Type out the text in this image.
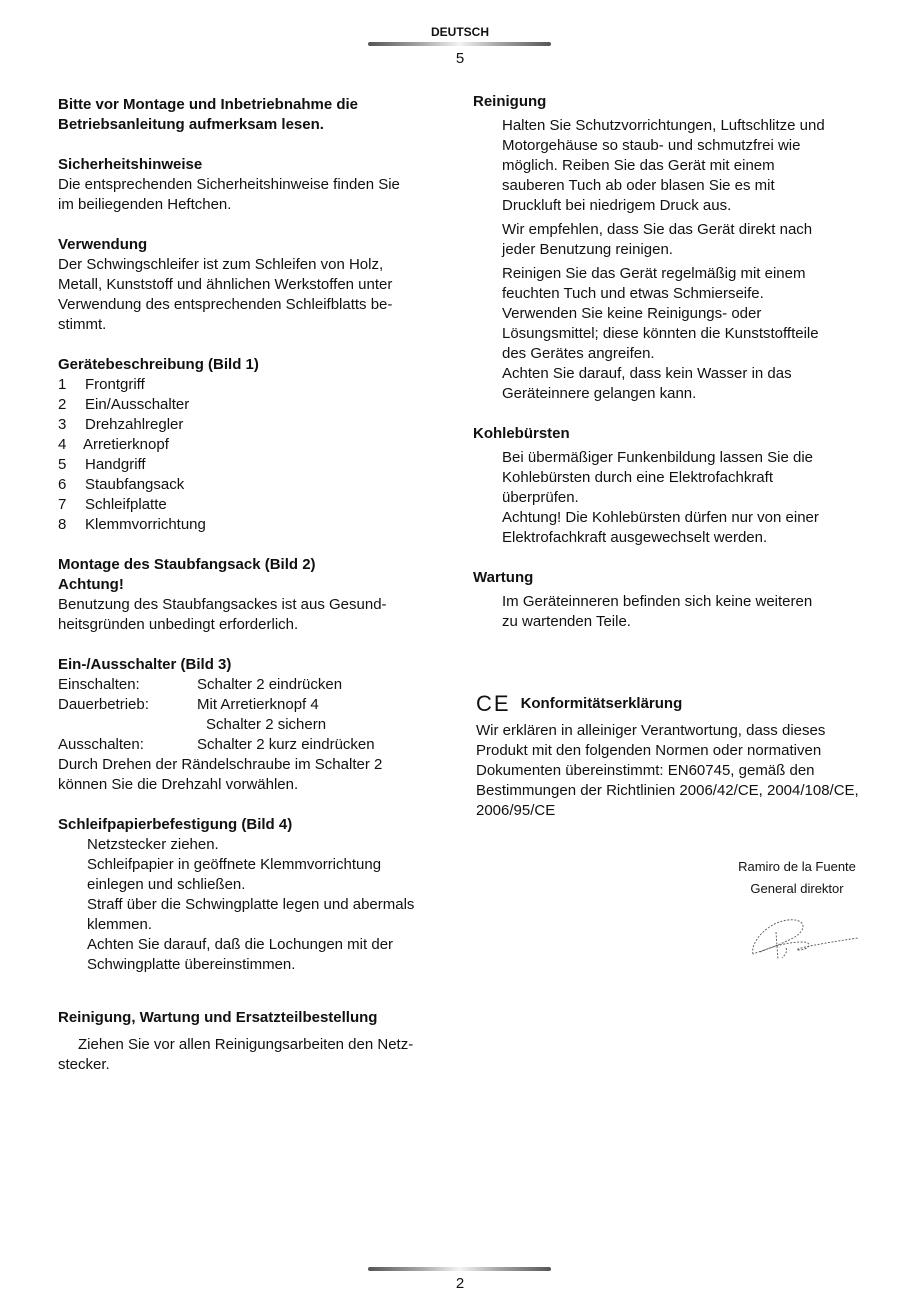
DEUTSCH
5
Bitte vor Montage und Inbetriebnahme die
Betriebsanleitung aufmerksam lesen.
Sicherheitshinweise
Die entsprechenden Sicherheitshinweise finden Sie
im beiliegenden Heftchen.
Verwendung
Der Schwingschleifer ist zum Schleifen von Holz,
Metall, Kunststoff und ähnlichen Werkstoffen unter
Verwendung des entsprechenden Schleifblatts be-
stimmt.
Gerätebeschreibung (Bild 1)
1	Frontgriff
2	Ein/Ausschalter
3	Drehzahlregler
4	Arretierknopf
5	Handgriff
6	Staubfangsack
7	Schleifplatte
8	Klemmvorrichtung
Montage des Staubfangsack (Bild 2)
Achtung!
Benutzung des Staubfangsackes ist aus Gesund-
heitsgründen unbedingt erforderlich.
Ein-/Ausschalter (Bild 3)
Einschalten:	Schalter 2 eindrücken
Dauerbetrieb:	Mit Arretierknopf 4
Schalter 2 sichern
Ausschalten:	Schalter 2 kurz eindrücken
Durch Drehen der Rändelschraube im Schalter 2
können Sie die Drehzahl vorwählen.
Schleifpapierbefestigung (Bild 4)
Netzstecker ziehen.
Schleifpapier in geöffnete Klemmvorrichtung
einlegen und schließen.
Straff über die Schwingplatte legen und abermals
klemmen.
Achten Sie darauf, daß die Lochungen mit der
Schwingplatte übereinstimmen.
Reinigung, Wartung und Ersatzteilbestellung
Ziehen Sie vor allen Reinigungsarbeiten den Netz-
stecker.
Reinigung
Halten Sie Schutzvorrichtungen, Luftschlitze und
Motorgehäuse so staub- und schmutzfrei wie
möglich. Reiben Sie das Gerät mit einem
sauberen Tuch ab oder blasen Sie es mit
Druckluft bei niedrigem Druck aus.
Wir empfehlen, dass Sie das Gerät direkt nach
jeder Benutzung reinigen.
Reinigen Sie das Gerät regelmäßig mit einem
feuchten Tuch und etwas Schmierseife.
Verwenden Sie keine Reinigungs- oder
Lösungsmittel; diese könnten die Kunststoffteile
des Gerätes angreifen.
Achten Sie darauf, dass kein Wasser in das
Geräteinnere gelangen kann.
Kohlebürsten
Bei übermäßiger Funkenbildung lassen Sie die
Kohlebürsten durch eine Elektrofachkraft
überprüfen.
Achtung! Die Kohlebürsten dürfen nur von einer
Elektrofachkraft ausgewechselt werden.
Wartung
Im Geräteinneren befinden sich keine weiteren
zu wartenden Teile.
CE Konformitätserklärung
Wir erklären in alleiniger Verantwortung, dass dieses
Produkt mit den folgenden Normen oder normativen
Dokumenten übereinstimmt: EN60745, gemäß den
Bestimmungen der Richtlinien 2006/42/CE, 2004/108/CE,
2006/95/CE
Ramiro de la Fuente
General direktor
2
